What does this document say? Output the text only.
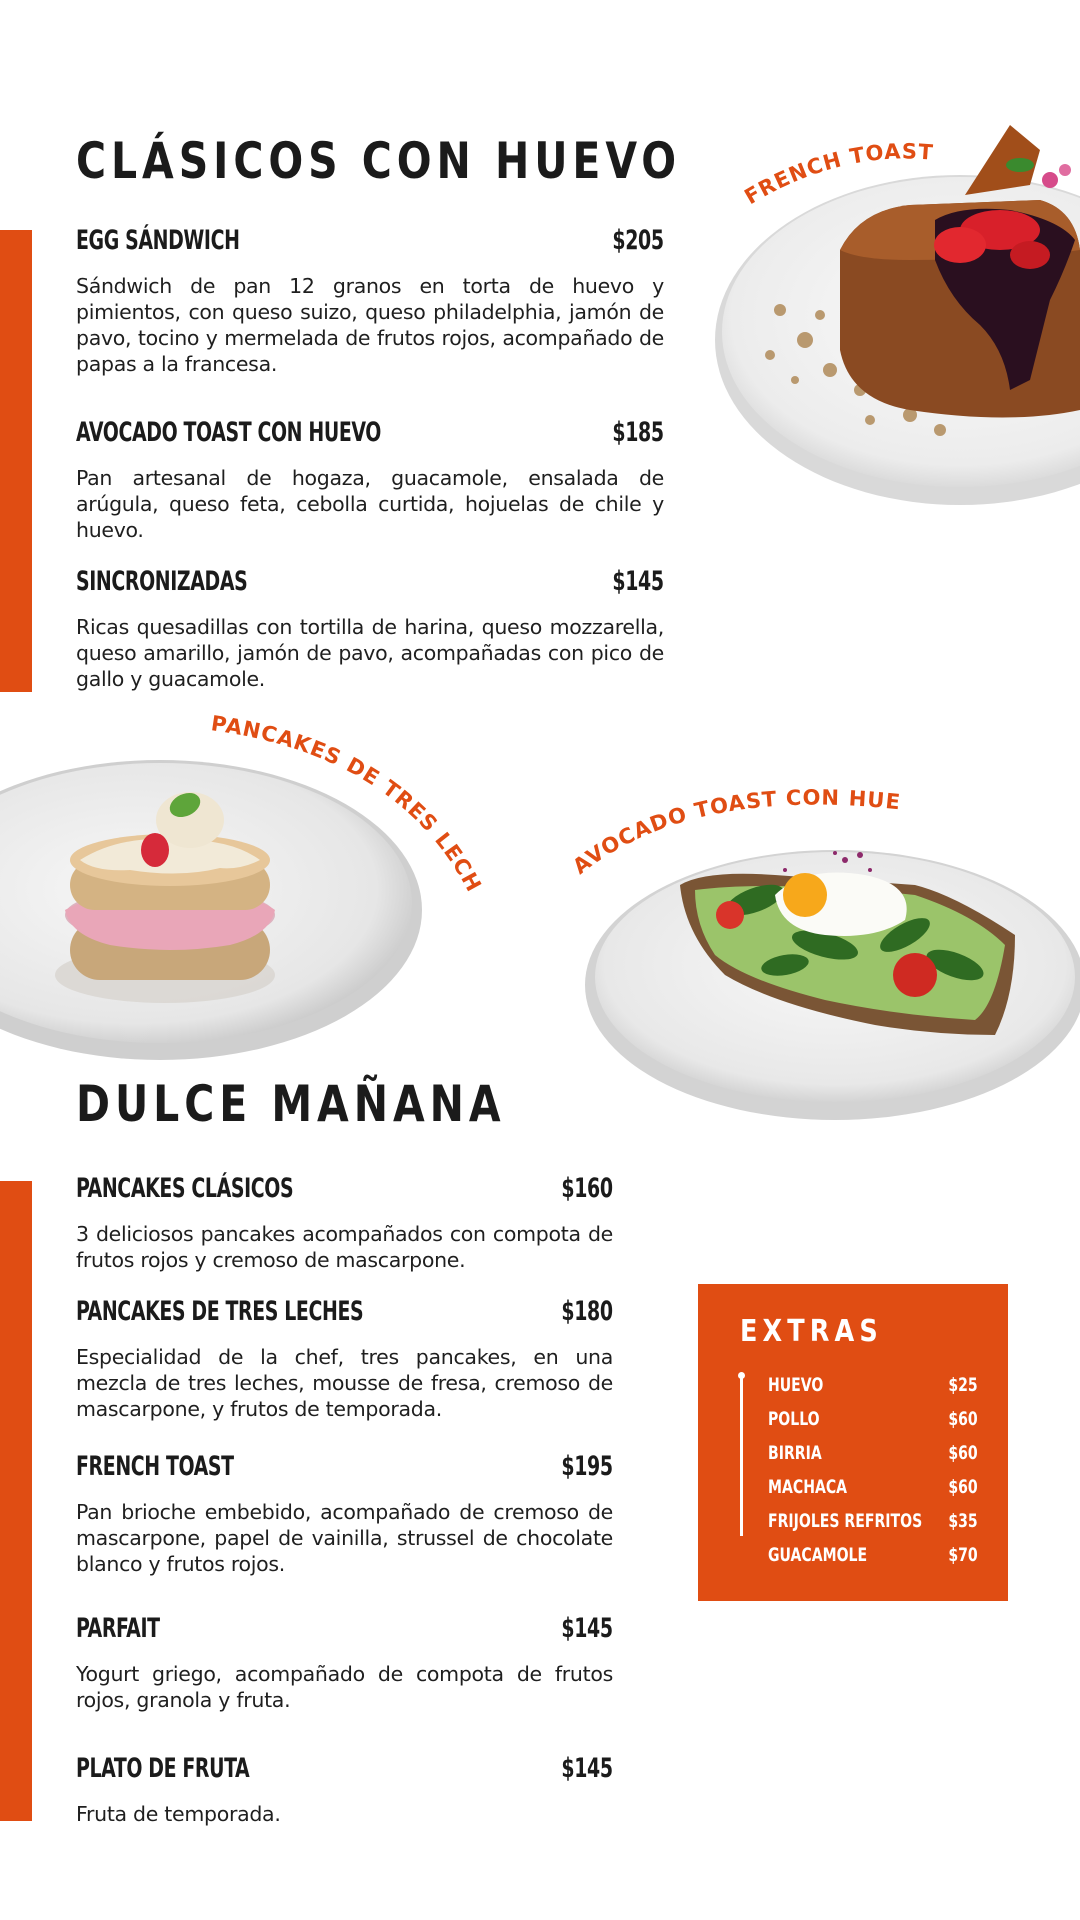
CLÁSICOS CON HUEVO
EGG SÁNDWICH	$205

Sándwich de pan 12 granos en torta de huevo y pimientos, con queso suizo, queso philadelphia, jamón de pavo, tocino y mermelada de frutos rojos, acompañado de papas a la francesa.

AVOCADO TOAST CON HUEVO	$185

Pan artesanal de hogaza, guacamole, ensalada de arúgula, queso feta, cebolla curtida, hojuelas de chile y huevo.

SINCRONIZADAS	$145

Ricas quesadillas con tortilla de harina, queso mozzarella, queso amarillo, jamón de pavo, acompañadas con pico de gallo y guacamole.

FRENCH TOAST
PANCAKES DE TRES LECHES
AVOCADO TOAST CON HUEVO
DULCE MAÑANA
PANCAKES CLÁSICOS	$160

3 deliciosos pancakes acompañados con compota de frutos rojos y cremoso de mascarpone.

PANCAKES DE TRES LECHES	$180

Especialidad de la chef, tres pancakes, en una mezcla de tres leches, mousse de fresa, cremoso de mascarpone, y frutos de temporada.

FRENCH TOAST	$195

Pan brioche embebido, acompañado de cremoso de mascarpone, papel de vainilla, strussel de chocolate blanco y frutos rojos.

PARFAIT	$145

Yogurt griego, acompañado de compota de frutos rojos, granola y fruta.

PLATO DE FRUTA	$145

Fruta de temporada.

EXTRAS
HUEVO	$25
POLLO	$60
BIRRIA	$60
MACHACA	$60
FRIJOLES REFRITOS $35
GUACAMOLE	$70
